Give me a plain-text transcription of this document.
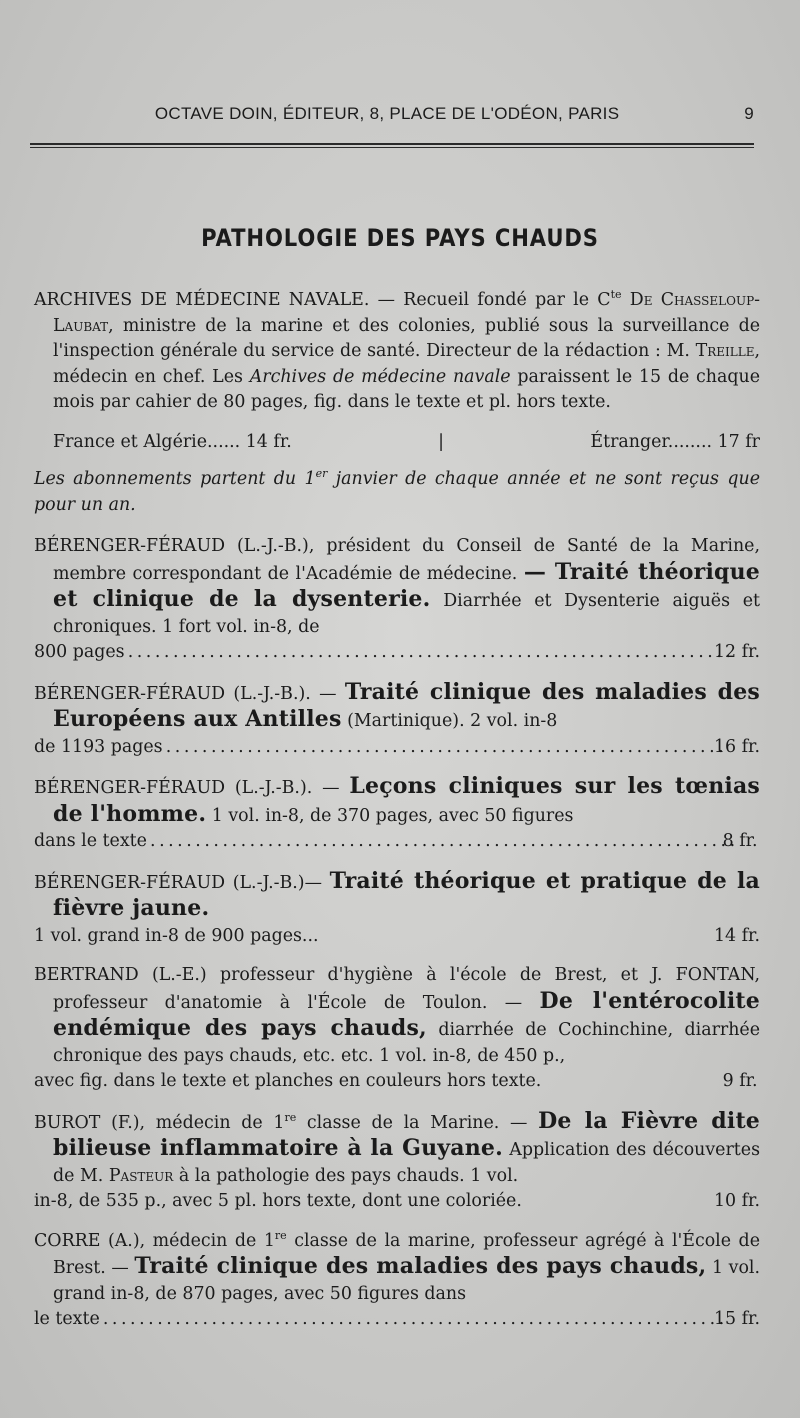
OCTAVE DOIN, ÉDITEUR, 8, PLACE DE L'ODÉON, PARIS	9
PATHOLOGIE DES PAYS CHAUDS

ARCHIVES DE MÉDECINE NAVALE. — Recueil fondé par le $C^{te}$ De Chasseloup-Laubat, ministre de la marine et des colonies, publié sous la surveillance de l'inspection générale du service de santé. Directeur de la rédaction : M. Treille, médecin en chef. Les Archives de médecine navale paraissent le 15 de chaque mois par cahier de 80 pages, fig. dans le texte et pl. hors texte.

France et Algérie...... 14 fr.	|	Étranger........ 17 fr

Les abonnements partent du 1er janvier de chaque année et ne sont reçus que pour un an.

BÉRENGER-FÉRAUD (L.-J.-B.), président du Conseil de Santé de la Marine, membre correspondant de l'Académie de médecine. — Traité théorique et clinique de la dysenterie. Diarrhée et Dysenterie aiguës et chroniques. 1 fort vol. in-8, de
800 pages . . .	12 fr.
BÉRENGER-FÉRAUD (L.-J.-B.). — Traité clinique des maladies des Européens aux Antilles (Martinique). 2 vol. in-8
de 1193 pages . . .	16 fr.
BÉRENGER-FÉRAUD (L.-J.-B.). — Leçons cliniques sur les tœnias de l'homme. 1 vol. in-8, de 370 pages, avec 50 figures
dans le texte . . .	8 fr.
BÉRENGER-FÉRAUD (L.-J.-B.)— Traité théorique et pratique de la fièvre jaune.
1 vol. grand in-8 de 900 pages...	14 fr.
BERTRAND (L.-E.) professeur d'hygiène à l'école de Brest, et J. FONTAN, professeur d'anatomie à l'École de Toulon. — De l'entérocolite endémique des pays chauds, diarrhée de Cochinchine, diarrhée chronique des pays chauds, etc. etc. 1 vol. in-8, de 450 p.,
avec fig. dans le texte et planches en couleurs hors texte.	9 fr.
BUROT (F.), médecin de 1re classe de la Marine. — De la Fièvre dite bilieuse inflammatoire à la Guyane. Application des découvertes de M. Pasteur à la pathologie des pays chauds. 1 vol.
in-8, de 535 p., avec 5 pl. hors texte, dont une coloriée.	10 fr.
CORRE (A.), médecin de 1re classe de la marine, professeur agrégé à l'École de Brest. — Traité clinique des maladies des pays chauds, 1 vol. grand in-8, de 870 pages, avec 50 figures dans
le texte . . .	15 fr.
